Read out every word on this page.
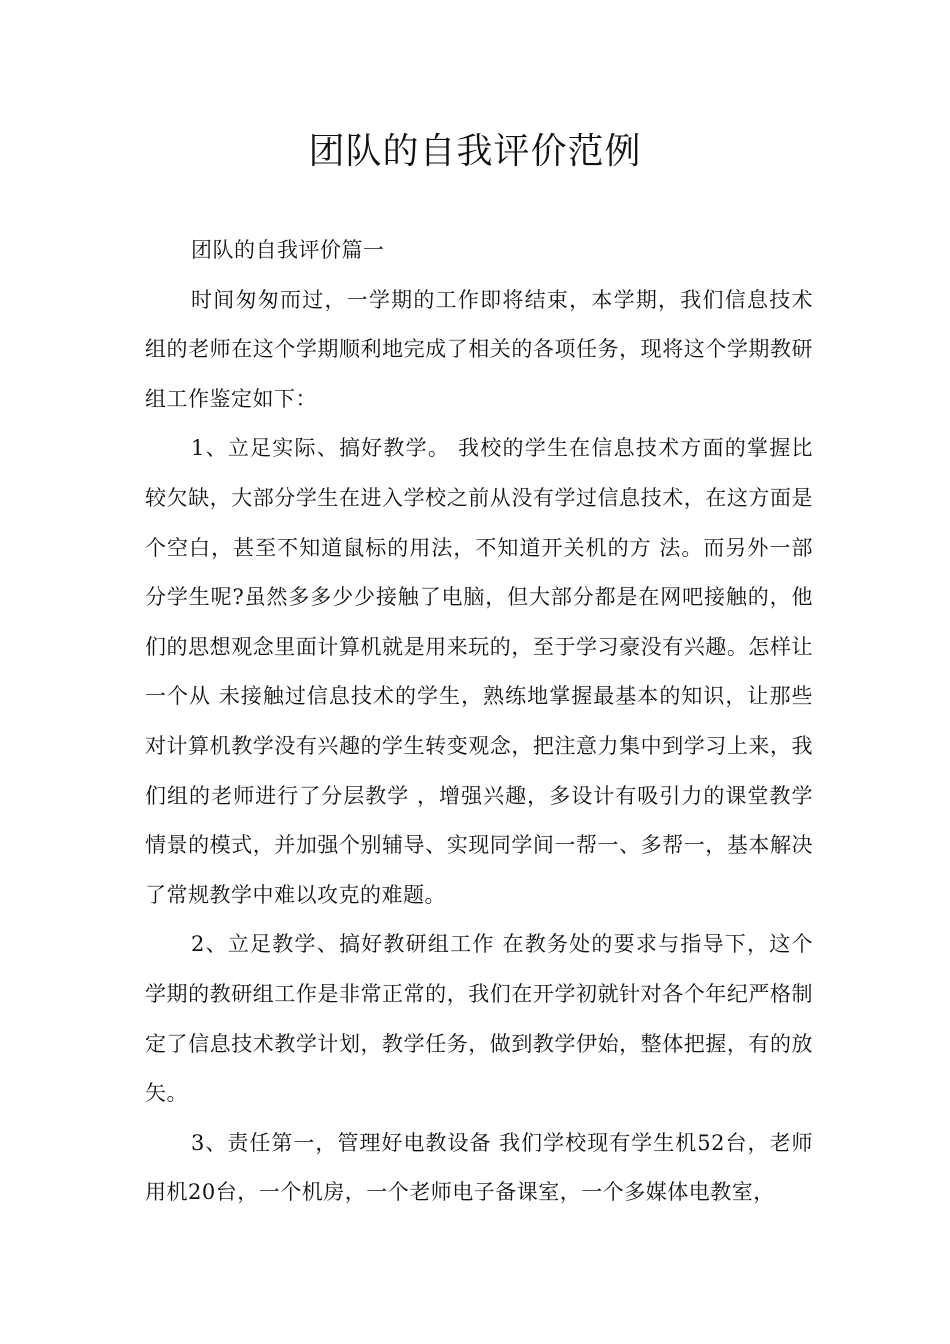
团队的自我评价范例

团队的自我评价篇一

时间匆匆而过，一学期的工作即将结束，本学期，我们信息技术组的老师在这个学期顺利地完成了相关的各项任务，现将这个学期教研组工作鉴定如下：

1、立足实际、搞好教学。 我校的学生在信息技术方面的掌握比较欠缺，大部分学生在进入学校之前从没有学过信息技术，在这方面是个空白，甚至不知道鼠标的用法，不知道开关机的方 法。而另外一部分学生呢?虽然多多少少接触了电脑，但大部分都是在网吧接触的，他们的思想观念里面计算机就是用来玩的，至于学习豪没有兴趣。怎样让一个从 未接触过信息技术的学生，熟练地掌握最基本的知识，让那些对计算机教学没有兴趣的学生转变观念，把注意力集中到学习上来，我们组的老师进行了分层教学 ，增强兴趣，多设计有吸引力的课堂教学情景的模式，并加强个别辅导、实现同学间一帮一、多帮一，基本解决了常规教学中难以攻克的难题。

2、立足教学、搞好教研组工作 在教务处的要求与指导下，这个学期的教研组工作是非常正常的，我们在开学初就针对各个年纪严格制定了信息技术教学计划，教学任务，做到教学伊始，整体把握，有的放矢。

3、责任第一，管理好电教设备 我们学校现有学生机52台，老师用机20台，一个机房，一个老师电子备课室，一个多媒体电教室，
